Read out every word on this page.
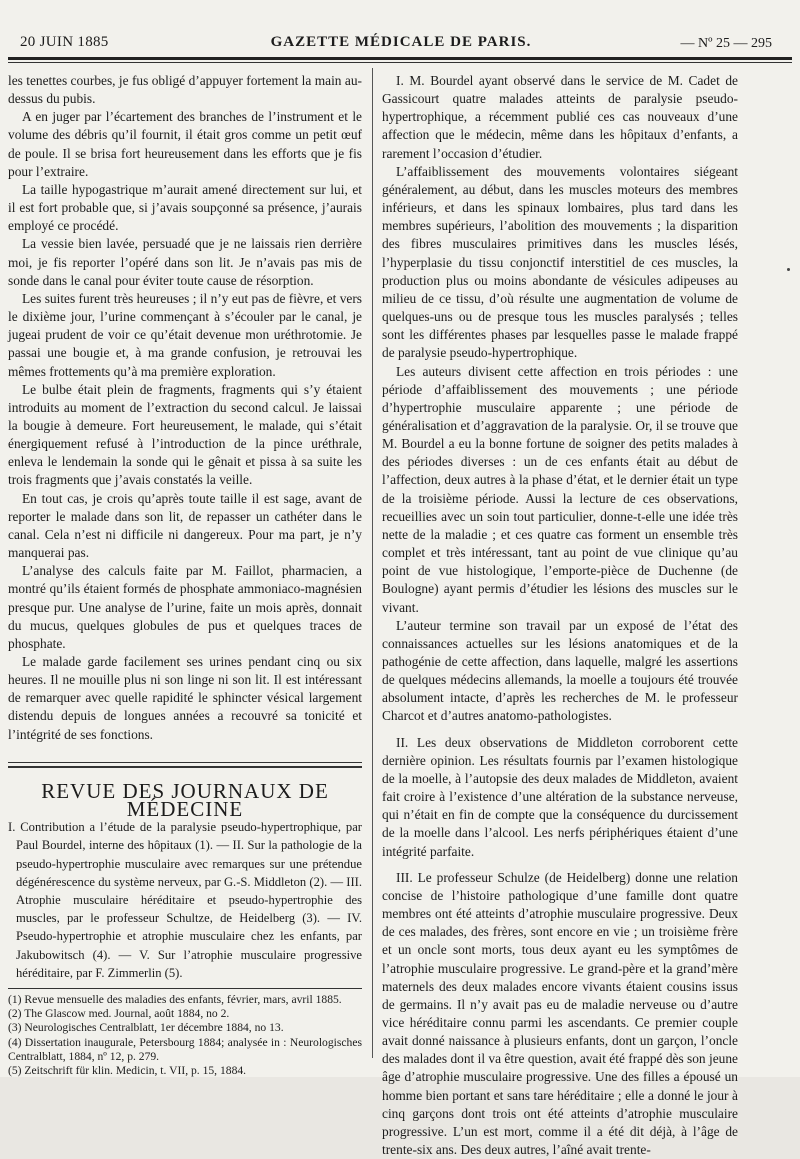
20 JUIN 1885	GAZETTE MÉDICALE DE PARIS.	— Nº 25 — 295

les tenettes courbes, je fus obligé d’appuyer fortement la main au-dessus du pubis.

A en juger par l’écartement des branches de l’instrument et le volume des débris qu’il fournit, il était gros comme un petit œuf de poule. Il se brisa fort heureusement dans les efforts que je fis pour l’extraire.

La taille hypogastrique m’aurait amené directement sur lui, et il est fort probable que, si j’avais soupçonné sa présence, j’aurais employé ce procédé.

La vessie bien lavée, persuadé que je ne laissais rien derrière moi, je fis reporter l’opéré dans son lit. Je n’avais pas mis de sonde dans le canal pour éviter toute cause de résorption.

Les suites furent très heureuses ; il n’y eut pas de fièvre, et vers le dixième jour, l’urine commençant à s’écouler par le canal, je jugeai prudent de voir ce qu’était devenue mon uréthrotomie. Je passai une bougie et, à ma grande confusion, je retrouvai les mêmes frottements qu’à ma première exploration.

Le bulbe était plein de fragments, fragments qui s’y étaient introduits au moment de l’extraction du second calcul. Je laissai la bougie à demeure. Fort heureusement, le malade, qui s’était énergiquement refusé à l’introduction de la pince uréthrale, enleva le lendemain la sonde qui le gênait et pissa à sa suite les trois fragments que j’avais constatés la veille.

En tout cas, je crois qu’après toute taille il est sage, avant de reporter le malade dans son lit, de repasser un cathéter dans le canal. Cela n’est ni difficile ni dangereux. Pour ma part, je n’y manquerai pas.

L’analyse des calculs faite par M. Faillot, pharmacien, a montré qu’ils étaient formés de phosphate ammoniaco-magnésien presque pur. Une analyse de l’urine, faite un mois après, donnait du mucus, quelques globules de pus et quelques traces de phosphate.

Le malade garde facilement ses urines pendant cinq ou six heures. Il ne mouille plus ni son linge ni son lit. Il est intéressant de remarquer avec quelle rapidité le sphincter vésical largement distendu depuis de longues années a recouvré sa tonicité et l’intégrité de ses fonctions.

REVUE DES JOURNAUX DE MÉDECINE

I. Contribution a l’étude de la paralysie pseudo-hypertrophique, par Paul Bourdel, interne des hôpitaux (1). — II. Sur la pathologie de la pseudo-hypertrophie musculaire avec remarques sur une prétendue dégénérescence du système nerveux, par G.-S. Middleton (2). — III. Atrophie musculaire héréditaire et pseudo-hypertrophie des muscles, par le professeur Schultze, de Heidelberg (3). — IV. Pseudo-hypertrophie et atrophie musculaire chez les enfants, par Jakubowitsch (4). — V. Sur l’atrophie musculaire progressive héréditaire, par F. Zimmerlin (5).

(1) Revue mensuelle des maladies des enfants, février, mars, avril 1885.

(2) The Glascow med. Journal, août 1884, no 2.

(3) Neurologisches Centralblatt, 1er décembre 1884, no 13.

(4) Dissertation inaugurale, Petersbourg 1884; analysée in : Neurologisches Centralblatt, 1884, nº 12, p. 279.

(5) Zeitschrift für klin. Medicin, t. VII, p. 15, 1884.

I. M. Bourdel ayant observé dans le service de M. Cadet de Gassicourt quatre malades atteints de paralysie pseudo-hypertrophique, a récemment publié ces cas nouveaux d’une affection que le médecin, même dans les hôpitaux d’enfants, a rarement l’occasion d’étudier.

L’affaiblissement des mouvements volontaires siégeant généralement, au début, dans les muscles moteurs des membres inférieurs, et dans les spinaux lombaires, plus tard dans les membres supérieurs, l’abolition des mouvements ; la disparition des fibres musculaires primitives dans les muscles lésés, l’hyperplasie du tissu conjonctif interstitiel de ces muscles, la production plus ou moins abondante de vésicules adipeuses au milieu de ce tissu, d’où résulte une augmentation de volume de quelques-uns ou de presque tous les muscles paralysés ; telles sont les différentes phases par lesquelles passe le malade frappé de paralysie pseudo-hypertrophique.

Les auteurs divisent cette affection en trois périodes : une période d’affaiblissement des mouvements ; une période d’hypertrophie musculaire apparente ; une période de généralisation et d’aggravation de la paralysie. Or, il se trouve que M. Bourdel a eu la bonne fortune de soigner des petits malades à des périodes diverses : un de ces enfants était au début de l’affection, deux autres à la phase d’état, et le dernier était un type de la troisième période. Aussi la lecture de ces observations, recueillies avec un soin tout particulier, donne-t-elle une idée très nette de la maladie ; et ces quatre cas forment un ensemble très complet et très intéressant, tant au point de vue clinique qu’au point de vue histologique, l’emporte-pièce de Duchenne (de Boulogne) ayant permis d’étudier les lésions des muscles sur le vivant.

L’auteur termine son travail par un exposé de l’état des connaissances actuelles sur les lésions anatomiques et de la pathogénie de cette affection, dans laquelle, malgré les assertions de quelques médecins allemands, la moelle a toujours été trouvée absolument intacte, d’après les recherches de M. le professeur Charcot et d’autres anatomo-pathologistes.

II. Les deux observations de Middleton corroborent cette dernière opinion. Les résultats fournis par l’examen histologique de la moelle, à l’autopsie des deux malades de Middleton, avaient fait croire à l’existence d’une altération de la substance nerveuse, qui n’était en fin de compte que la conséquence du durcissement de la moelle dans l’alcool. Les nerfs périphériques étaient d’une intégrité parfaite.

III. Le professeur Schulze (de Heidelberg) donne une relation concise de l’histoire pathologique d’une famille dont quatre membres ont été atteints d’atrophie musculaire progressive. Deux de ces malades, des frères, sont encore en vie ; un troisième frère et un oncle sont morts, tous deux ayant eu les symptômes de l’atrophie musculaire progressive. Le grand-père et la grand’mère maternels des deux malades encore vivants étaient cousins issus de germains. Il n’y avait pas eu de maladie nerveuse ou d’autre vice héréditaire connu parmi les ascendants. Ce premier couple avait donné naissance à plusieurs enfants, dont un garçon, l’oncle des malades dont il va être question, avait été frappé dès son jeune âge d’atrophie musculaire progressive. Une des filles a épousé un homme bien portant et sans tare héréditaire ; elle a donné le jour à cinq garçons dont trois ont été atteints d’atrophie musculaire progressive. L’un est mort, comme il a été dit déjà, à l’âge de trente-six ans. Des deux autres, l’aîné avait trente-
